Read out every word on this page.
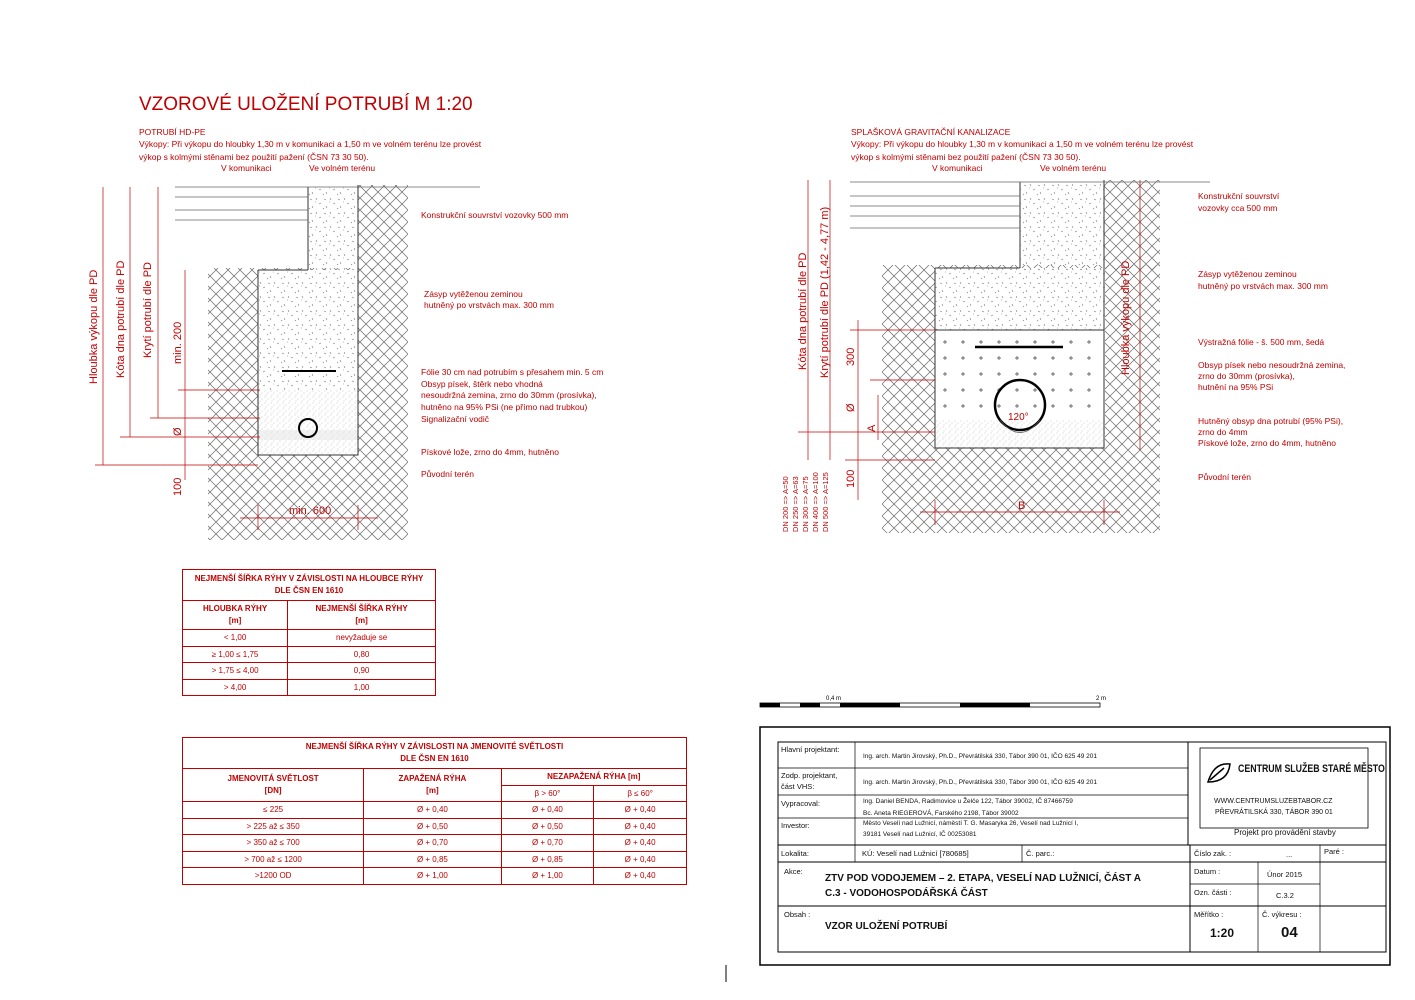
VZOROVÉ ULOŽENÍ POTRUBÍ M 1:20
POTRUBÍ HD-PE
Výkopy: Při výkopu do hloubky 1,30 m v komunikaci a 1,50 m ve volném terénu lze provést
výkop s kolmými stěnami bez použití pažení (ČSN 73 30 50).
V komunikaci	Ve volném terénu
Konstrukční souvrství vozovky 500 mm
Zásyp vytěženou zeminou
hutněný po vrstvách max. 300 mm
Fólie 30 cm nad potrubím s přesahem min. 5 cm
Obsyp písek, štěrk nebo vhodná
nesoudržná zemina, zrno do 30mm (prosívka),
hutněno na 95% PSi (ne přímo nad trubkou)
Signalizační vodič
Pískové lože, zrno do 4mm, hutněno
Původní terén
Hloubka výkopu dle PD Kóta dna potrubí dle PD Krytí potrubí dle PD min. 200
Ø
100
min. 600
SPLAŠKOVÁ GRAVITAČNÍ KANALIZACE
Výkopy: Při výkopu do hloubky 1,30 m v komunikaci a 1,50 m ve volném terénu lze provést
výkop s kolmými stěnami bez použití pažení (ČSN 73 30 50).
V komunikaci	Ve volném terénu
Konstrukční souvrství
vozovky cca 500 mm
Zásyp vytěženou zeminou
hutněný po vrstvách max. 300 mm
Výstražná fólie - š. 500 mm, šedá
Obsyp písek nebo nesoudržná zemina,
zrno do 30mm (prosívka),
hutnění na 95% PSi
Hutněný obsyp dna potrubí (95% PSi),
zrno do 4mm
Pískové lože, zrno do 4mm, hutněno
Původní terén
Kóta dna potrubí dle PD Krytí potrubí dle PD (1,42 - 4,77 m)	Hloubka výkopu dle PD
300
Ø
A
100
DN 200 => A=50 DN 250 => A=63 DN 300 => A=75 DN 400 => A=100 DN 500 => A=125
120°
B
NEJMENŠÍ ŠÍŘKA RÝHY V ZÁVISLOSTI NA HLOUBCE RÝHY
DLE ČSN EN 1610	
HLOUBKA RÝHY
[m]	NEJMENŠÍ ŠÍŘKA RÝHY
[m]
< 1,00	nevyžaduje se
≥ 1,00 ≤ 1,75	0,80
> 1,75 ≤ 4,00	0,90
> 4,00	1,00
NEJMENŠÍ ŠÍŘKA RÝHY V ZÁVISLOSTI NA JMENOVITÉ SVĚTLOSTI
DLE ČSN EN 1610			
JMENOVITÁ SVĚTLOST
[DN]	ZAPAŽENÁ RÝHA
[m]	NEZAPAŽENÁ RÝHA [m]	
		β > 60°	β ≤ 60°
≤ 225	Ø + 0,40	Ø + 0,40	Ø + 0,40
> 225 až ≤ 350	Ø + 0,50	Ø + 0,50	Ø + 0,40
> 350 až ≤ 700	Ø + 0,70	Ø + 0,70	Ø + 0,40
> 700 až ≤ 1200	Ø + 0,85	Ø + 0,85	Ø + 0,40
>1200 OD	Ø + 1,00	Ø + 1,00	Ø + 0,40
0,4 m	2 m
Hlavní projektant:
Ing. arch. Martin Jirovský, Ph.D., Převrátilská 330, Tábor 390 01, IČO 625 49 201
Zodp. projektant,
část VHS:	Ing. arch. Martin Jirovský, Ph.D., Převrátilská 330, Tábor 390 01, IČO 625 49 201
Vypracoval:	Ing. Daniel BENDA, Radimovice u Želče 122, Tábor 39002, IČ 87466759
Bc. Aneta RIEGEROVÁ, Farského 2198, Tábor 39002
Investor:	Město Veselí nad Lužnicí, náměstí T. G. Masaryka 26, Veselí nad Lužnicí I,
39181 Veselí nad Lužnicí, IČ 00253081
Lokalita:	KÚ: Veselí nad Lužnicí [780685]	Č. parc.:
Akce:
ZTV POD VODOJEMEM – 2. ETAPA, VESELÍ NAD LUŽNICÍ, ČÁST A
C.3 - VODOHOSPODÁŘSKÁ ČÁST
Obsah :
VZOR ULOŽENÍ POTRUBÍ
CENTRUM SLUŽEB STARÉ MĚSTO
WWW.CENTRUMSLUZEBTABOR.CZ
PŘEVRÁTILSKÁ 330, TÁBOR 390 01
Projekt pro provádění stavby
Číslo zak. :	...	Paré :
Datum :	Únor 2015
Ozn. části :	C.3.2
Měřítko :
1:20
Č. výkresu :
04
